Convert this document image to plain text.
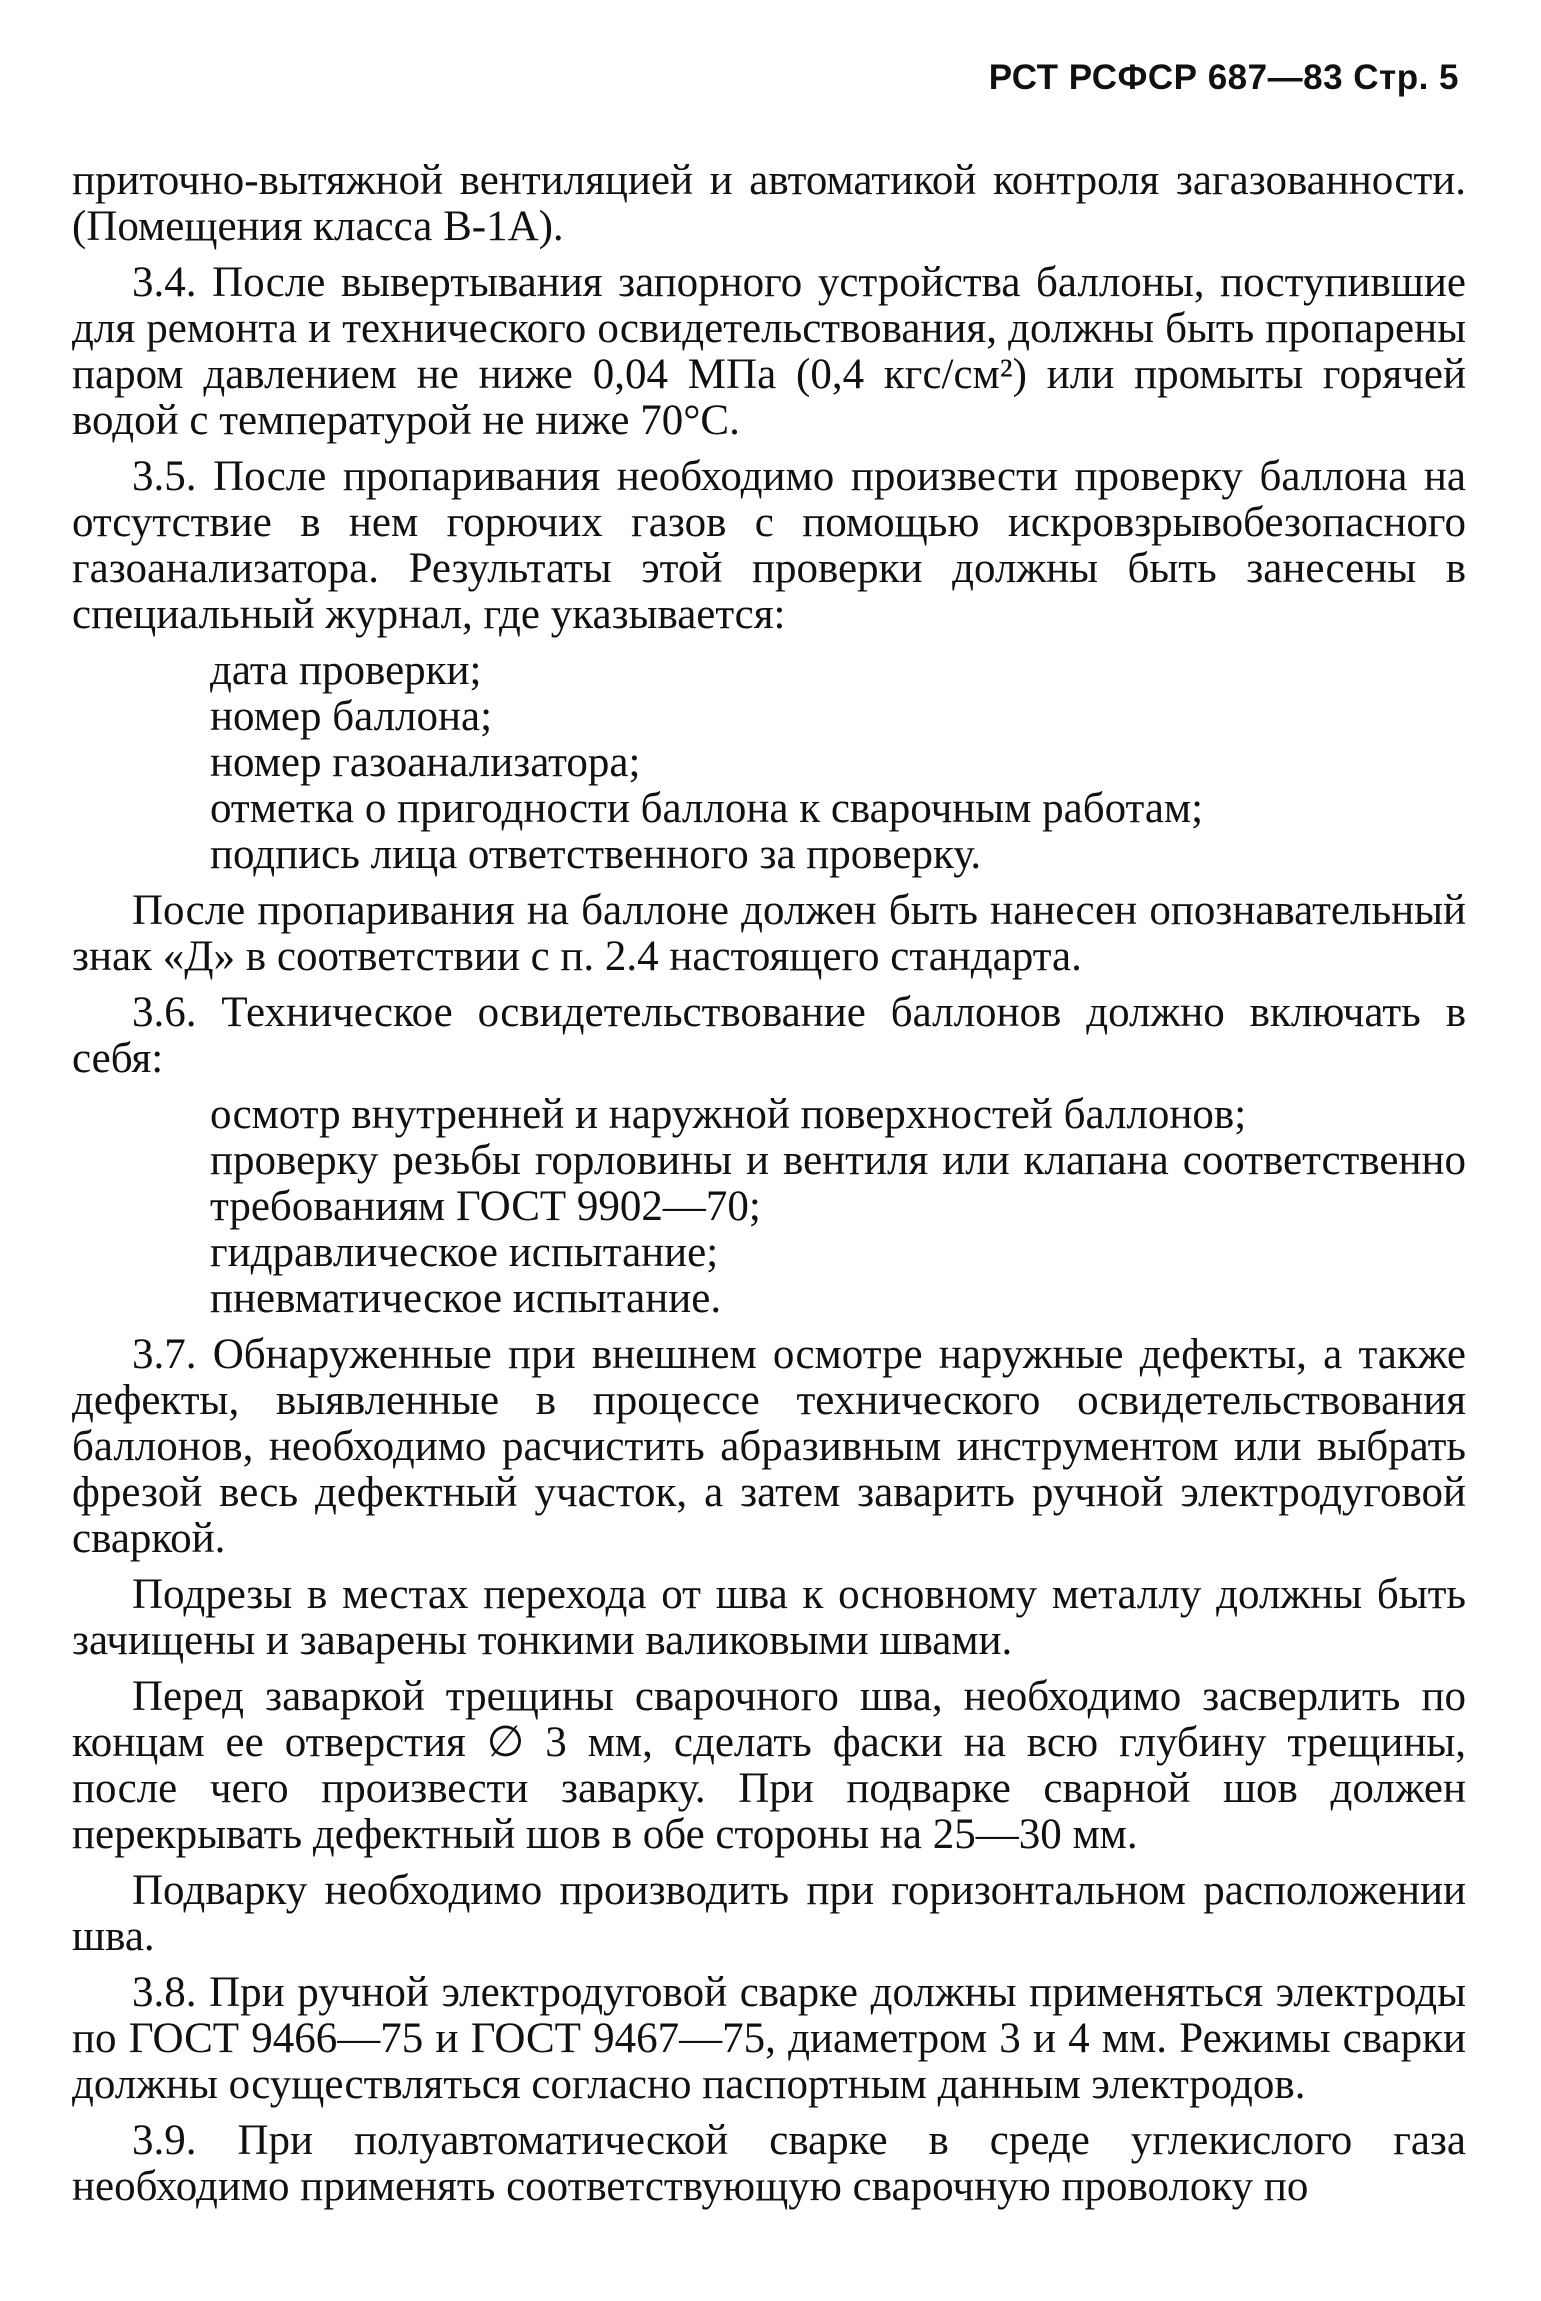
РСТ РСФСР 687—83 Стр. 5

приточно-вытяжной вентиляцией и автоматикой контроля загазованности. (Помещения класса В-1А).

3.4. После вывертывания запорного устройства баллоны, поступившие для ремонта и технического освидетельствования, должны быть пропарены паром давлением не ниже 0,04 МПа (0,4 кгс/см²) или промыты горячей водой с температурой не ниже 70°С.

3.5. После пропаривания необходимо произвести проверку баллона на отсутствие в нем горючих газов с помощью искровзрывобезопасного газоанализатора. Результаты этой проверки должны быть занесены в специальный журнал, где указывается:

дата проверки;
номер баллона;
номер газоанализатора;
отметка о пригодности баллона к сварочным работам;
подпись лица ответственного за проверку.

После пропаривания на баллоне должен быть нанесен опознавательный знак «Д» в соответствии с п. 2.4 настоящего стандарта.

3.6. Техническое освидетельствование баллонов должно включать в себя:

осмотр внутренней и наружной поверхностей баллонов;
проверку резьбы горловины и вентиля или клапана соответственно требованиям ГОСТ 9902—70;
гидравлическое испытание;
пневматическое испытание.

3.7. Обнаруженные при внешнем осмотре наружные дефекты, а также дефекты, выявленные в процессе технического освидетельствования баллонов, необходимо расчистить абразивным инструментом или выбрать фрезой весь дефектный участок, а затем заварить ручной электродуговой сваркой.

Подрезы в местах перехода от шва к основному металлу должны быть зачищены и заварены тонкими валиковыми швами.

Перед заваркой трещины сварочного шва, необходимо засверлить по концам ее отверстия ∅ 3 мм, сделать фаски на всю глубину трещины, после чего произвести заварку. При подварке сварной шов должен перекрывать дефектный шов в обе стороны на 25—30 мм.

Подварку необходимо производить при горизонтальном расположении шва.

3.8. При ручной электродуговой сварке должны применяться электроды по ГОСТ 9466—75 и ГОСТ 9467—75, диаметром 3 и 4 мм. Режимы сварки должны осуществляться согласно паспортным данным электродов.

3.9. При полуавтоматической сварке в среде углекислого газа необходимо применять соответствующую сварочную проволоку по
